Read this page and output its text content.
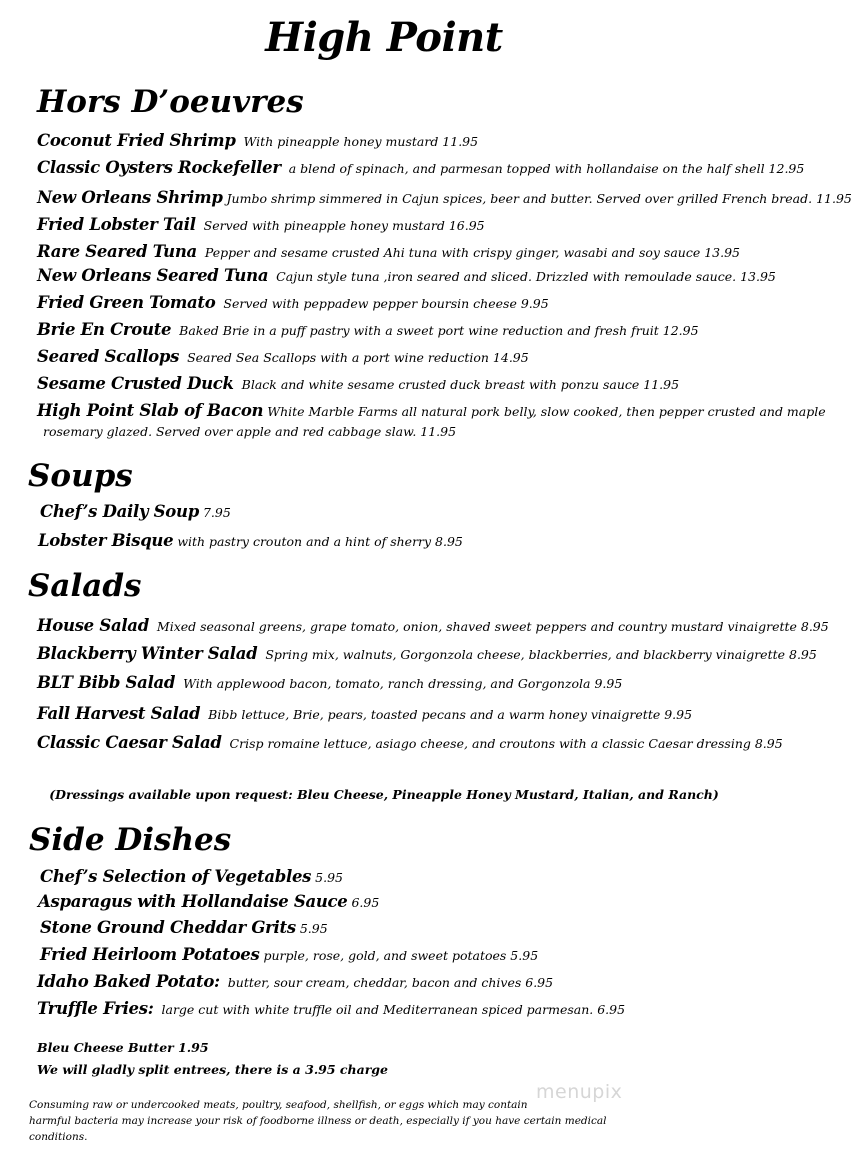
High Point
Hors D’oeuvres
Coconut Fried Shrimp With pineapple honey mustard 11.95
Classic Oysters Rockefeller a blend of spinach, and parmesan topped with hollandaise on the half shell 12.95
New Orleans Shrimp Jumbo shrimp simmered in Cajun spices, beer and butter. Served over grilled French bread. 11.95
Fried Lobster Tail Served with pineapple honey mustard 16.95
Rare Seared Tuna Pepper and sesame crusted Ahi tuna with crispy ginger, wasabi and soy sauce 13.95
New Orleans Seared Tuna Cajun style tuna ,iron seared and sliced. Drizzled with remoulade sauce. 13.95
Fried Green Tomato Served with peppadew pepper boursin cheese 9.95
Brie En Croute Baked Brie in a puff pastry with a sweet port wine reduction and fresh fruit 12.95
Seared Scallops Seared Sea Scallops with a port wine reduction 14.95
Sesame Crusted Duck Black and white sesame crusted duck breast with ponzu sauce 11.95
High Point Slab of Bacon White Marble Farms all natural pork belly, slow cooked, then pepper crusted and maple
rosemary glazed. Served over apple and red cabbage slaw. 11.95
Soups
Chef’s Daily Soup 7.95
Lobster Bisque with pastry crouton and a hint of sherry 8.95
Salads
House Salad Mixed seasonal greens, grape tomato, onion, shaved sweet peppers and country mustard vinaigrette 8.95
Blackberry Winter Salad Spring mix, walnuts, Gorgonzola cheese, blackberries, and blackberry vinaigrette 8.95
BLT Bibb Salad With applewood bacon, tomato, ranch dressing, and Gorgonzola 9.95
Fall Harvest Salad Bibb lettuce, Brie, pears, toasted pecans and a warm honey vinaigrette 9.95
Classic Caesar Salad Crisp romaine lettuce, asiago cheese, and croutons with a classic Caesar dressing 8.95
(Dressings available upon request: Bleu Cheese, Pineapple Honey Mustard, Italian, and Ranch)
Side Dishes
Chef’s Selection of Vegetables 5.95
Asparagus with Hollandaise Sauce 6.95
Stone Ground Cheddar Grits 5.95
Fried Heirloom Potatoes purple, rose, gold, and sweet potatoes 5.95
Idaho Baked Potato: butter, sour cream, cheddar, bacon and chives 6.95
Truffle Fries: large cut with white truffle oil and Mediterranean spiced parmesan. 6.95
Bleu Cheese Butter 1.95
We will gladly split entrees, there is a 3.95 charge
menupix
Consuming raw or undercooked meats, poultry, seafood, shellfish, or eggs which may contain
harmful bacteria may increase your risk of foodborne illness or death, especially if you have certain medical conditions.
